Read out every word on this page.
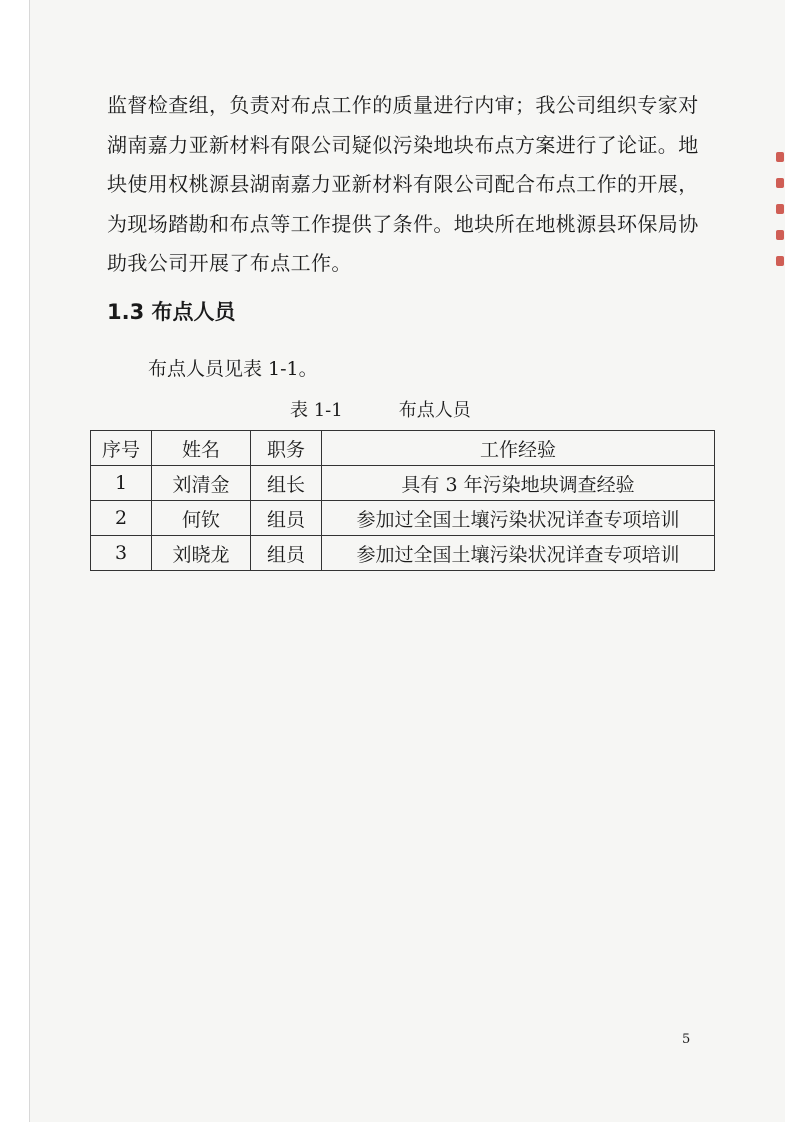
监督检查组，负责对布点工作的质量进行内审；我公司组织专家对
湖南嘉力亚新材料有限公司疑似污染地块布点方案进行了论证。地
块使用权桃源县湖南嘉力亚新材料有限公司配合布点工作的开展，
为现场踏勘和布点等工作提供了条件。地块所在地桃源县环保局协
助我公司开展了布点工作。

1.3 布点人员

布点人员见表 1-1。

表 1-1	布点人员

序号	姓名	职务	工作经验
1	刘清金	组长	具有 3 年污染地块调查经验
2	何钦	组员	参加过全国土壤污染状况详查专项培训
3	刘晓龙	组员	参加过全国土壤污染状况详查专项培训

5
